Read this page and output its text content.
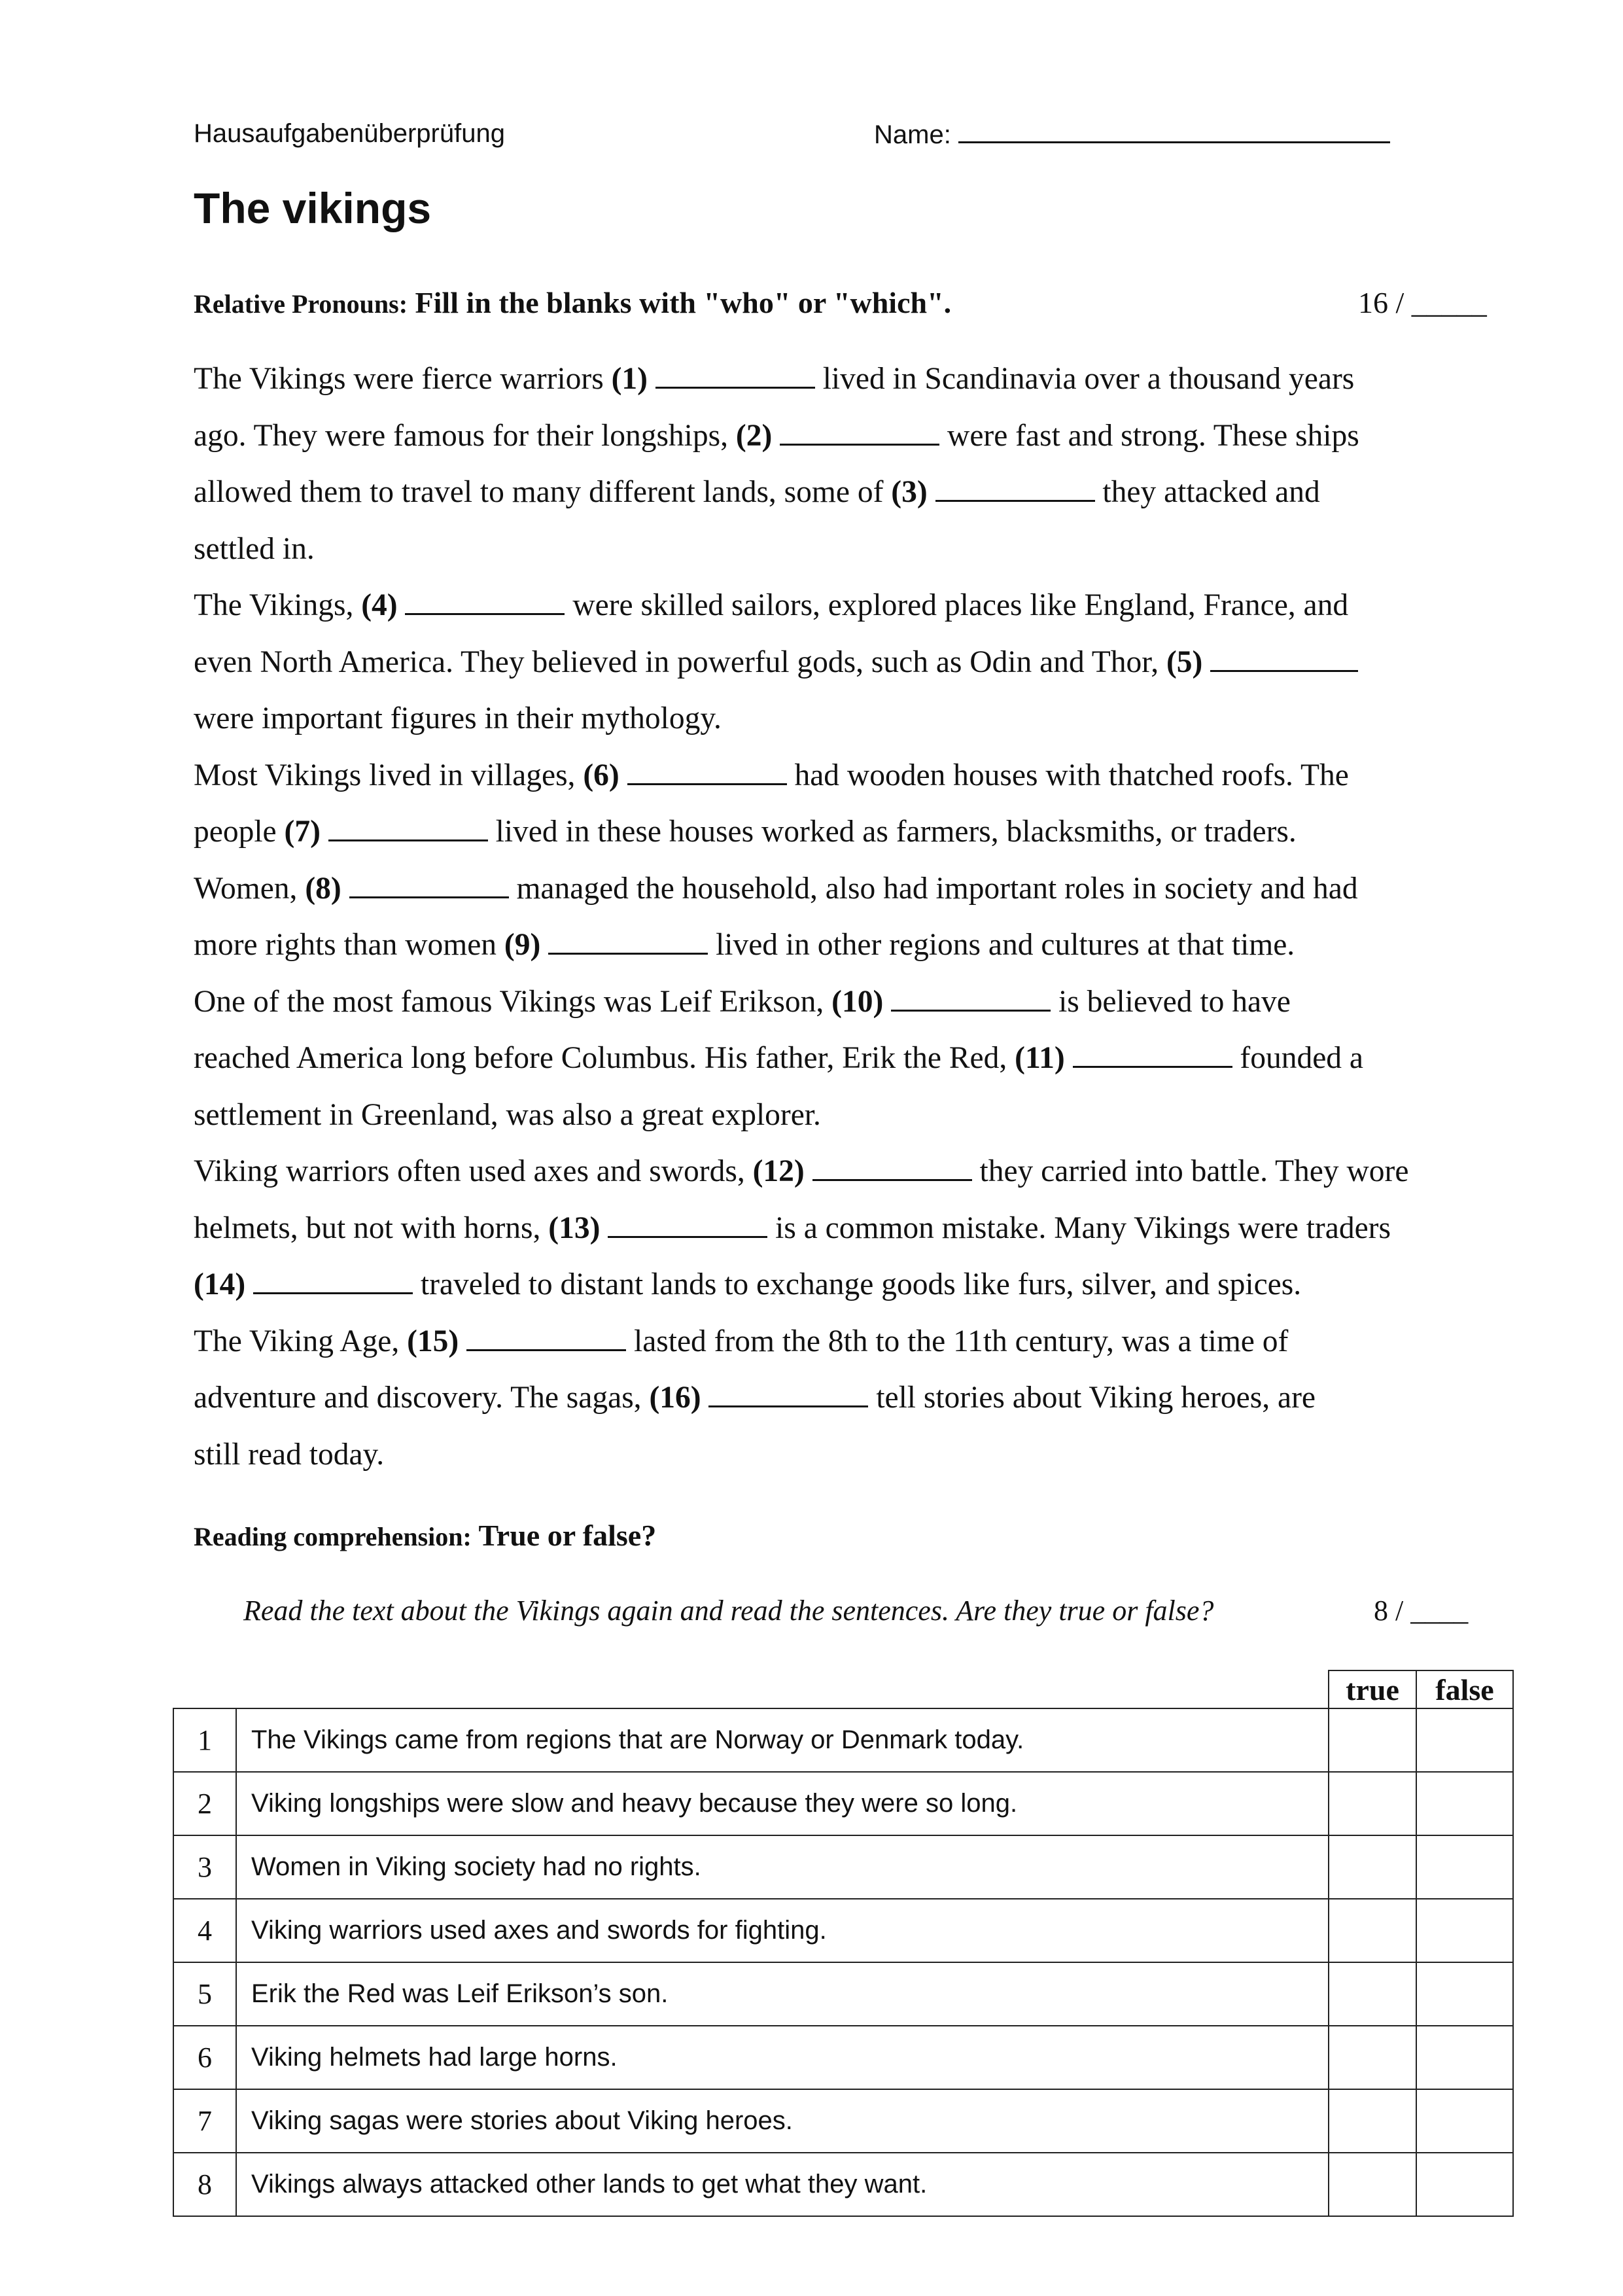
Hausaufgabenüberprüfung	Name:
The vikings
Relative Pronouns: Fill in the blanks with "who" or "which".	16 / _____
The Vikings were fierce warriors (1)	lived in Scandinavia over a thousand years
ago. They were famous for their longships, (2)	were fast and strong. These ships
allowed them to travel to many different lands, some of (3)	they attacked and
settled in.
The Vikings, (4)	were skilled sailors, explored places like England, France, and
even North America. They believed in powerful gods, such as Odin and Thor, (5)
were important figures in their mythology.
Most Vikings lived in villages, (6)	had wooden houses with thatched roofs. The
people (7)	lived in these houses worked as farmers, blacksmiths, or traders.
Women, (8)	managed the household, also had important roles in society and had
more rights than women (9)	lived in other regions and cultures at that time.
One of the most famous Vikings was Leif Erikson, (10)	is believed to have
reached America long before Columbus. His father, Erik the Red, (11)	founded a
settlement in Greenland, was also a great explorer.
Viking warriors often used axes and swords, (12)	they carried into battle. They wore
helmets, but not with horns, (13)	is a common mistake. Many Vikings were traders
(14)	traveled to distant lands to exchange goods like furs, silver, and spices.
The Viking Age, (15)	lasted from the 8th to the 11th century, was a time of
adventure and discovery. The sagas, (16)	tell stories about Viking heroes, are
still read today.
Reading comprehension: True or false?
Read the text about the Vikings again and read the sentences. Are they true or false?	8 / ____
		true	false
1	The Vikings came from regions that are Norway or Denmark today.		
2	Viking longships were slow and heavy because they were so long.		
3	Women in Viking society had no rights.		
4	Viking warriors used axes and swords for fighting.		
5	Erik the Red was Leif Erikson’s son.		
6	Viking helmets had large horns.		
7	Viking sagas were stories about Viking heroes.		
8	Vikings always attacked other lands to get what they want.		
